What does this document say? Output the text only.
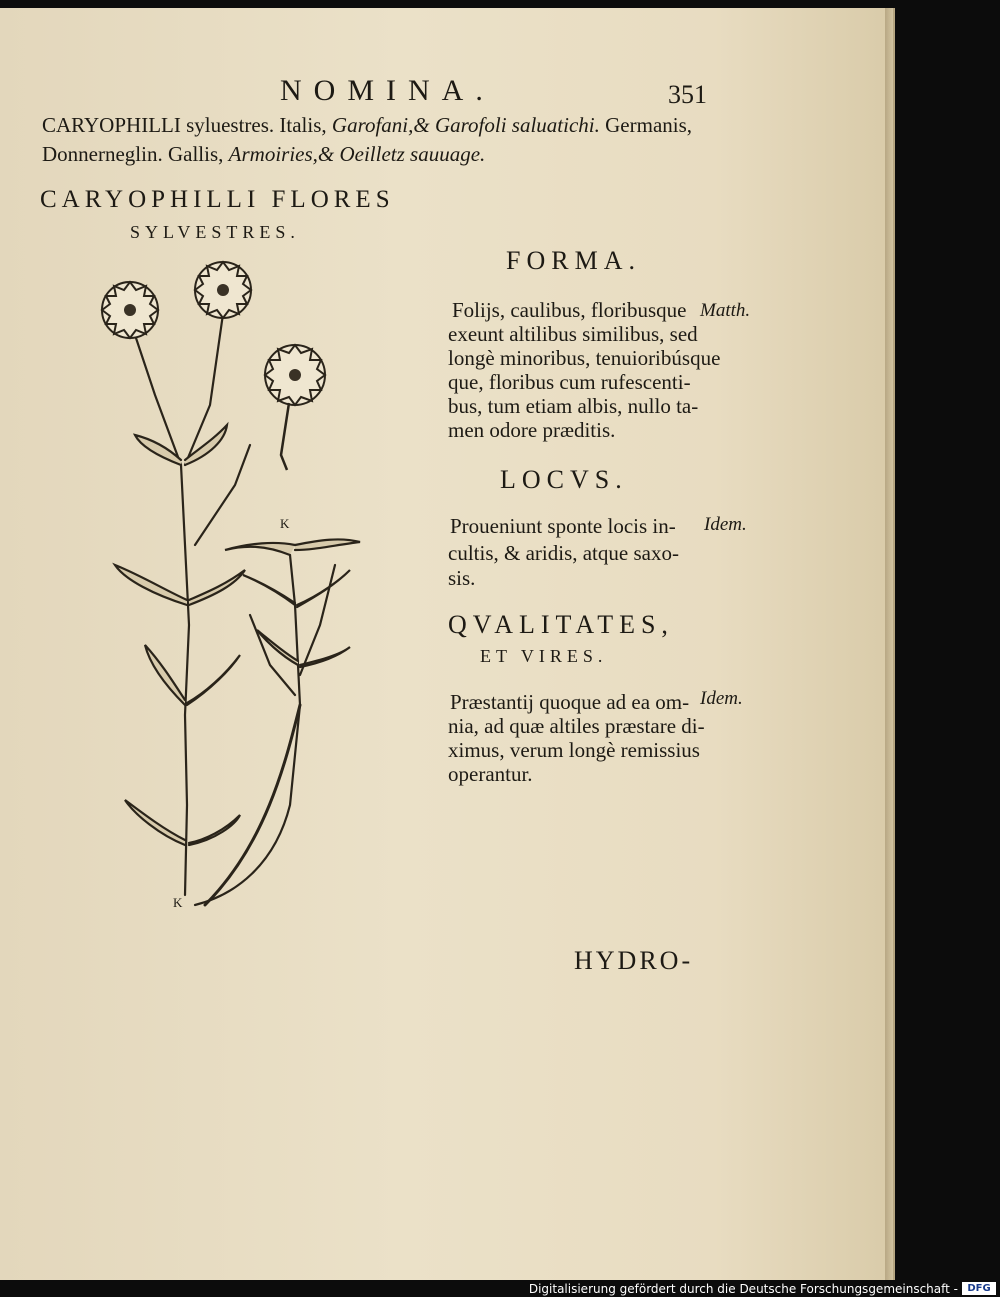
NOMINA.	351
CARYOPHILLI syluestres. Italis, Garofani,& Garofoli saluatichi. Germanis,
Donnerneglin. Gallis, Armoiries,& Oeilletz sauuage.
CARYOPHILLI FLORES
SYLVESTRES.
K
K
FORMA.
Matth.
Folijs, caulibus, floribusque
exeunt altilibus similibus, sed
longè minoribus, tenuioribúsque
que, floribus cum rufescenti-
bus, tum etiam albis, nullo ta-
men odore præditis.
LOCVS.
Idem.
Proueniunt sponte locis in-
cultis, & aridis, atque saxo-
sis.
QVALITATES,
ET VIRES.
Idem.
Præstantij quoque ad ea om-
nia, ad quæ altiles præstare di-
ximus, verum longè remissius
operantur.
HYDRO-
Digitalisierung gefördert durch die Deutsche Forschungsgemeinschaft - DFG
